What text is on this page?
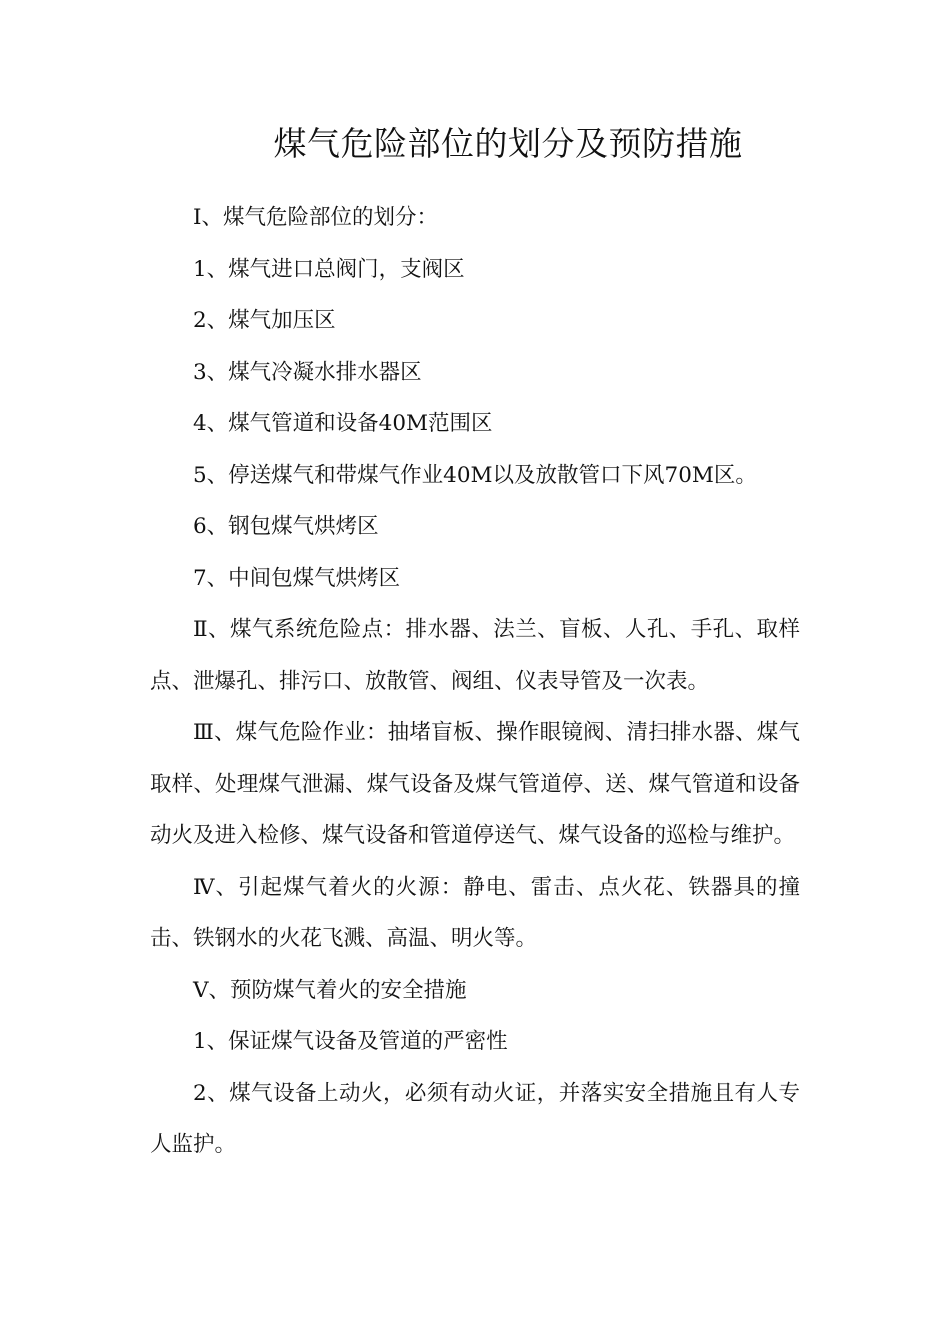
煤气危险部位的划分及预防措施

I、煤气危险部位的划分：

1、煤气进口总阀门，支阀区

2、煤气加压区

3、煤气冷凝水排水器区

4、煤气管道和设备40M范围区

5、停送煤气和带煤气作业40M以及放散管口下风70M区。

6、钢包煤气烘烤区

7、中间包煤气烘烤区

Ⅱ、煤气系统危险点：排水器、法兰、盲板、人孔、手孔、取样点、泄爆孔、排污口、放散管、阀组、仪表导管及一次表。

Ⅲ、煤气危险作业：抽堵盲板、操作眼镜阀、清扫排水器、煤气取样、处理煤气泄漏、煤气设备及煤气管道停、送、煤气管道和设备动火及进入检修、煤气设备和管道停送气、煤气设备的巡检与维护。

Ⅳ、引起煤气着火的火源：静电、雷击、点火花、铁器具的撞击、铁钢水的火花飞溅、高温、明火等。

V、预防煤气着火的安全措施

1、保证煤气设备及管道的严密性

2、煤气设备上动火，必须有动火证，并落实安全措施且有人专人监护。
